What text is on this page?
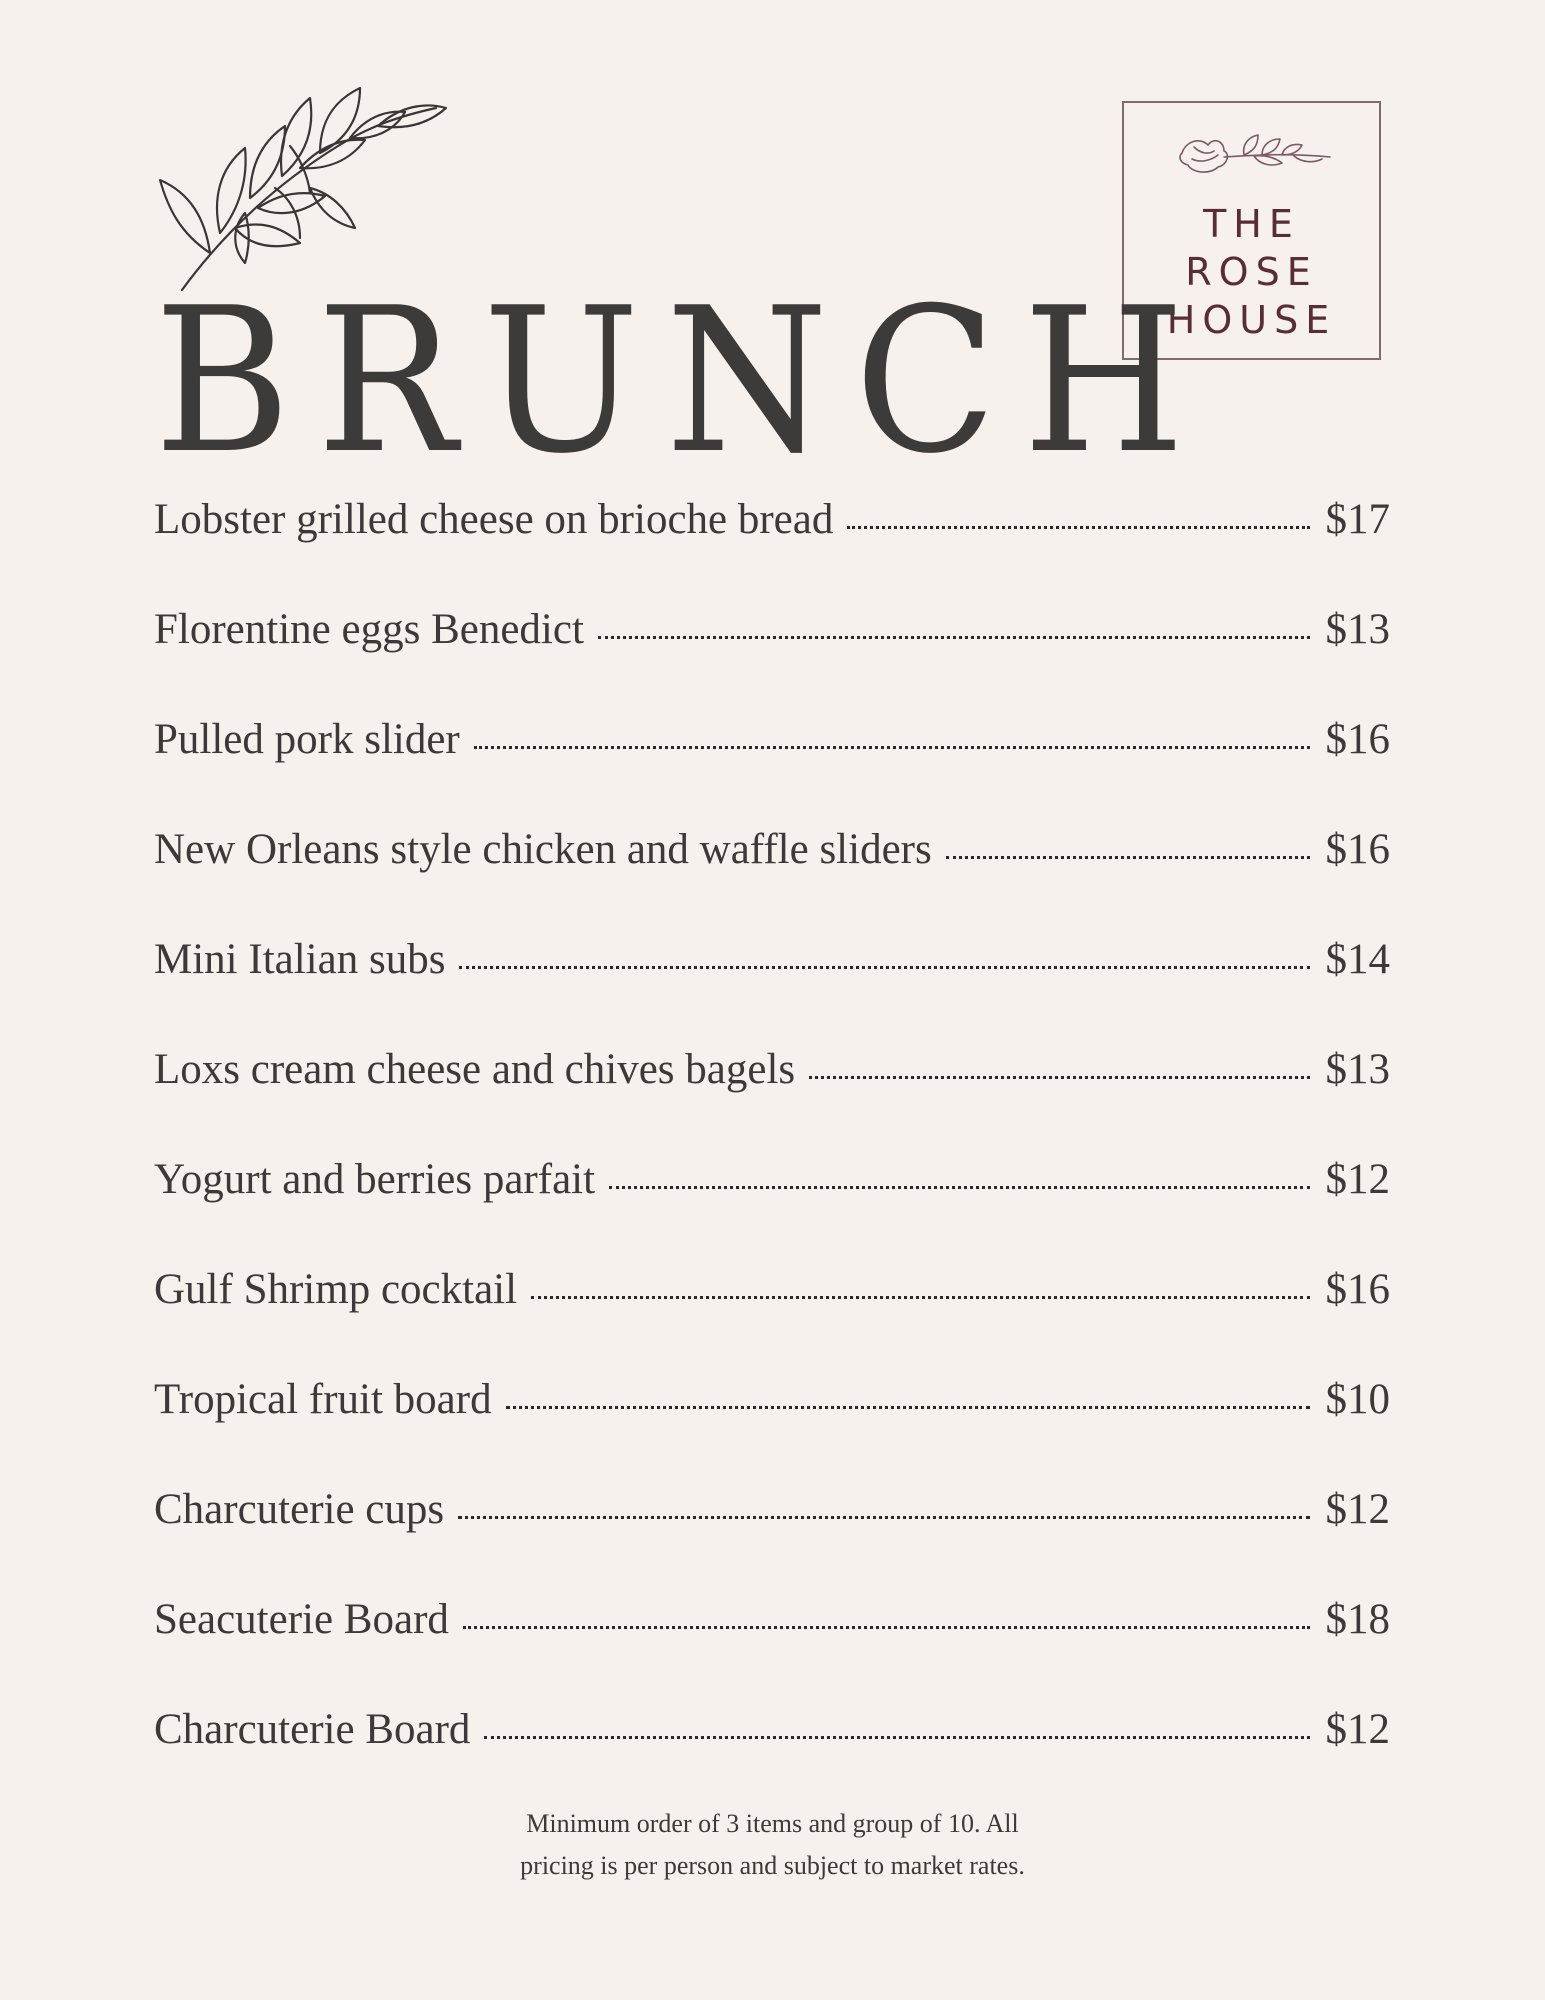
THE
ROSE
HOUSE
BRUNCH
Lobster grilled cheese on brioche bread	$17
Florentine eggs Benedict	$13
Pulled pork slider	$16
New Orleans style chicken and waffle sliders	$16
Mini Italian subs	$14
Loxs cream cheese and chives bagels	$13
Yogurt and berries parfait	$12
Gulf Shrimp cocktail	$16
Tropical fruit board	$10
Charcuterie cups	$12
Seacuterie Board	$18
Charcuterie Board	$12
Minimum order of 3 items and group of 10. All
pricing is per person and subject to market rates.
